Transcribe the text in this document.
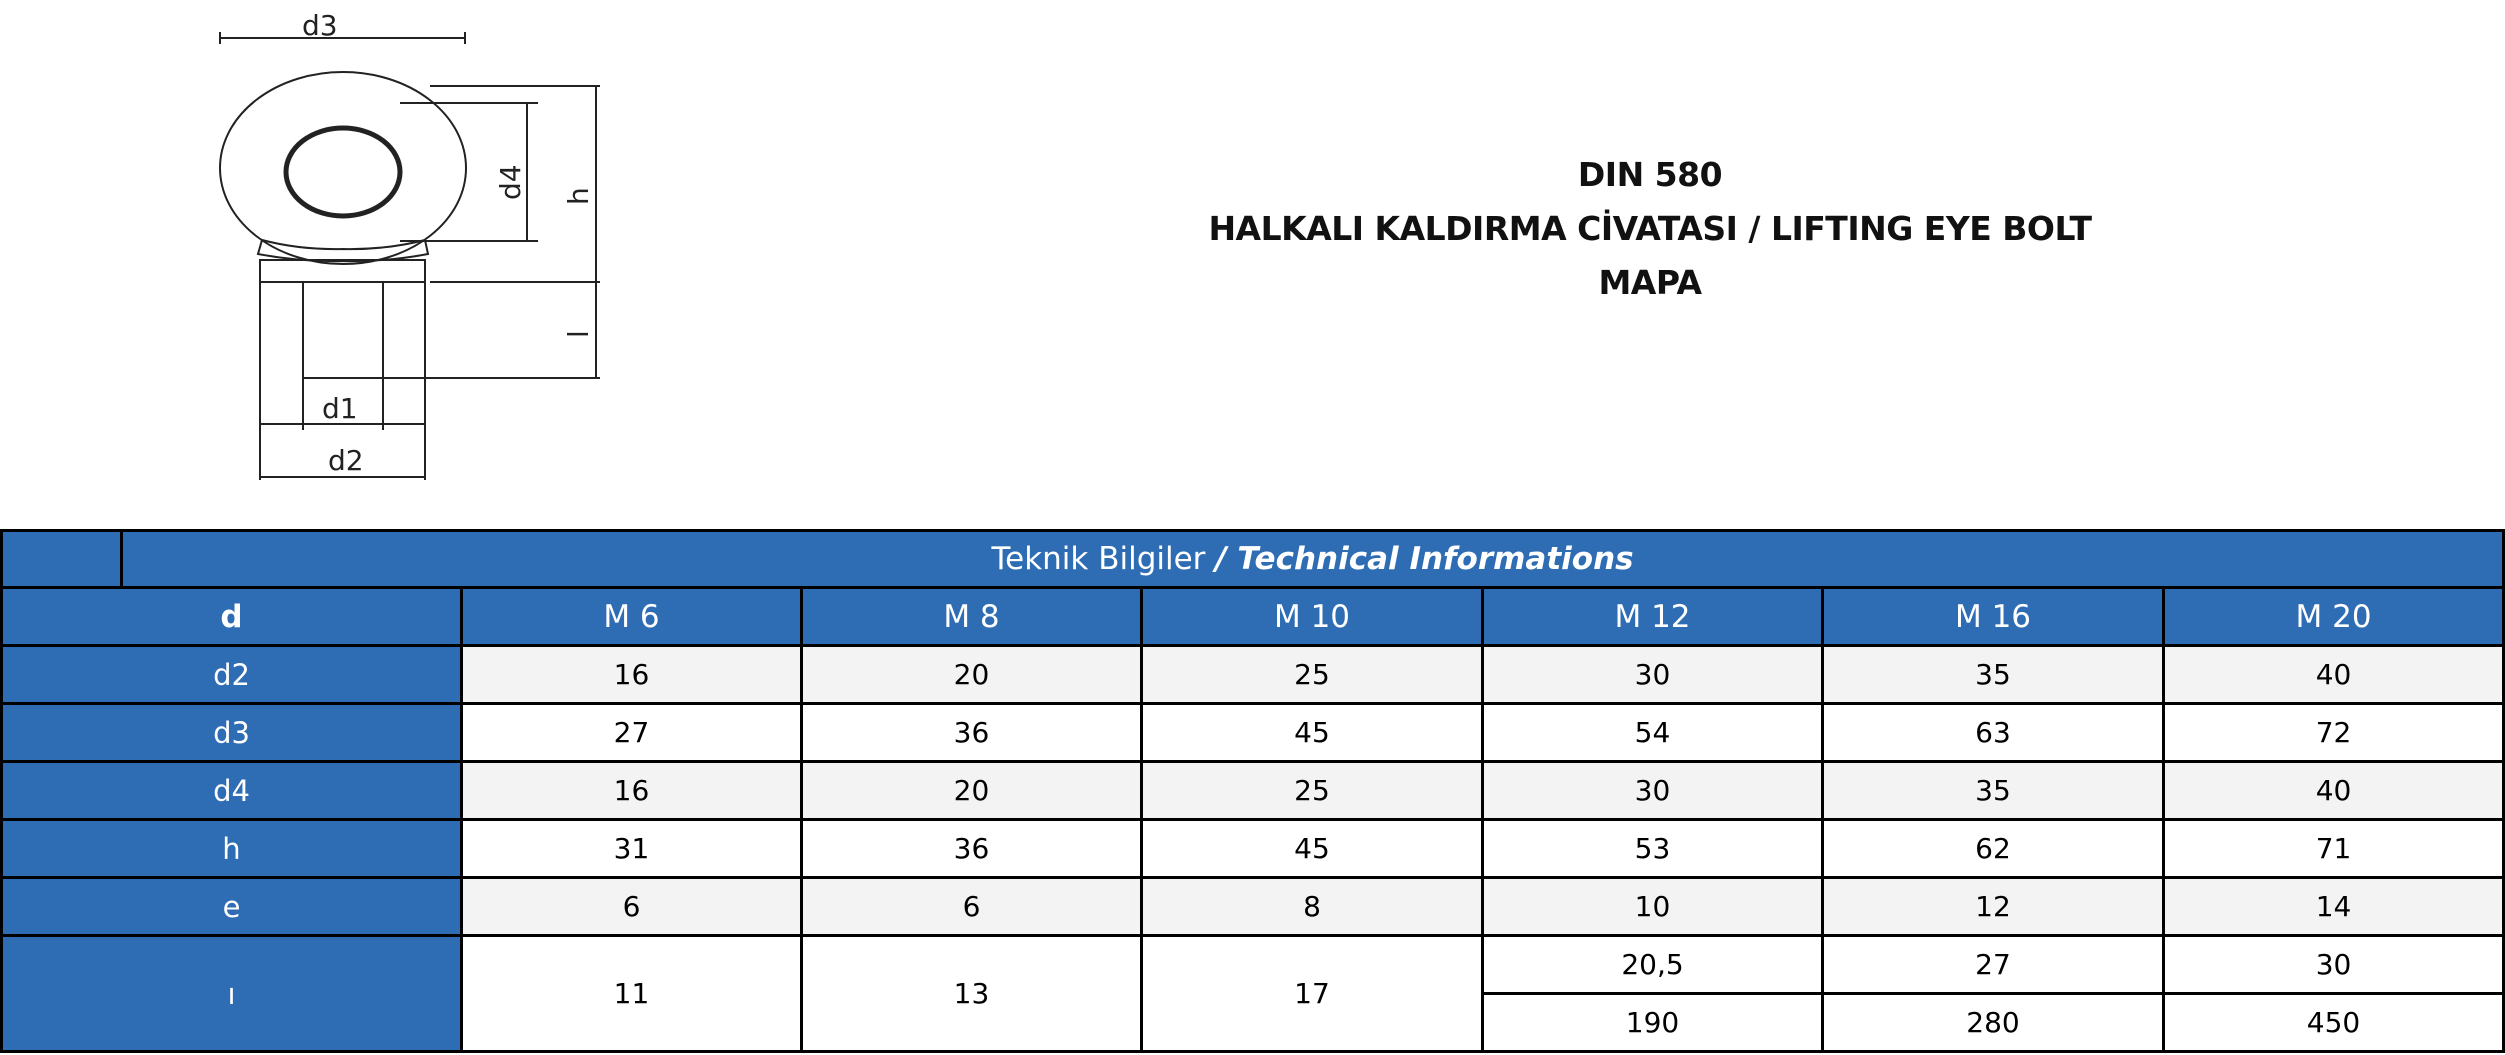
d3
d4 h
l
d1
d2
DIN 580
HALKALI KALDIRMA CİVATASI / LIFTING EYE BOLT
MAPA
	Teknik Bilgiler / Technical Informations						
d		M 6	M 8	M 10	M 12	M 16	M 20
d2		16	20	25	30	35	40
d3		27	36	45	54	63	72
d4		16	20	25	30	35	40
h		31	36	45	53	62	71
e		6	6	8	10	12	14
ı		11	13	17	20,5	27	30
					190	280	450
